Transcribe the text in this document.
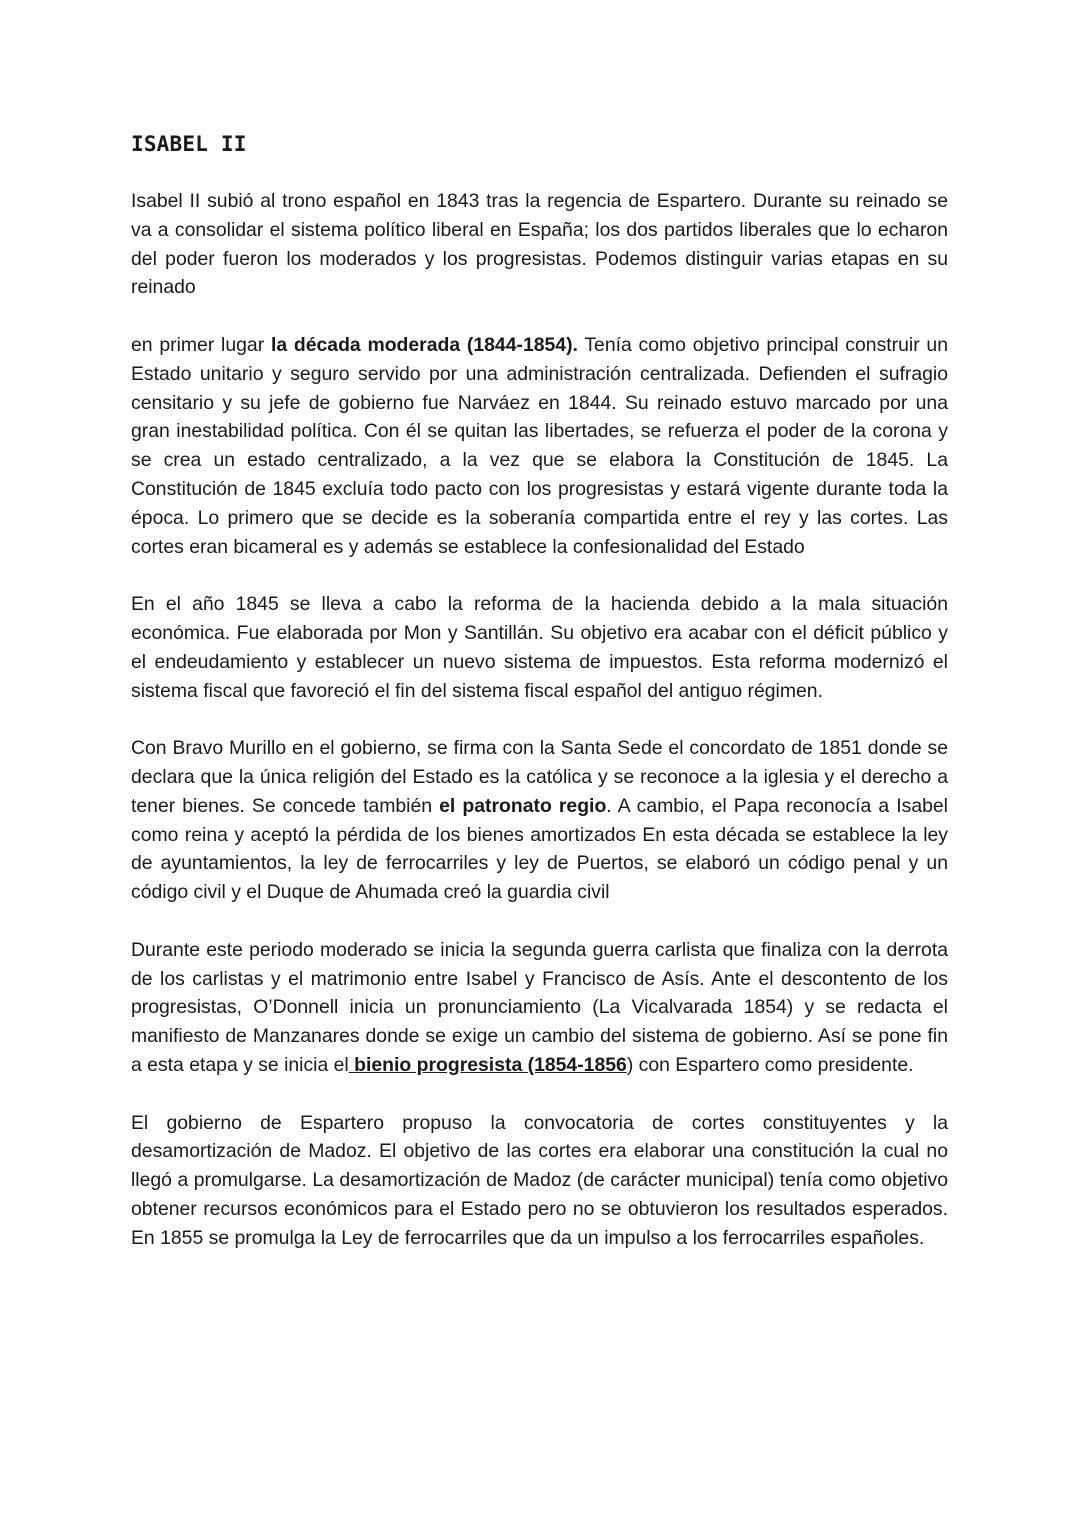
ISABEL II

Isabel II subió al trono español en 1843 tras la regencia de Espartero. Durante su reinado se va a consolidar el sistema político liberal en España; los dos partidos liberales que lo echaron del poder fueron los moderados y los progresistas. Podemos distinguir varias etapas en su reinado

en primer lugar la década moderada (1844-1854). Tenía como objetivo principal construir un Estado unitario y seguro servido por una administración centralizada. Defienden el sufragio censitario y su jefe de gobierno fue Narváez en 1844. Su reinado estuvo marcado por una gran inestabilidad política. Con él se quitan las libertades, se refuerza el poder de la corona y se crea un estado centralizado, a la vez que se elabora la Constitución de 1845. La Constitución de 1845 excluía todo pacto con los progresistas y estará vigente durante toda la época. Lo primero que se decide es la soberanía compartida entre el rey y las cortes. Las cortes eran bicameral es y además se establece la confesionalidad del Estado

En el año 1845 se lleva a cabo la reforma de la hacienda debido a la mala situación económica. Fue elaborada por Mon y Santillán. Su objetivo era acabar con el déficit público y el endeudamiento y establecer un nuevo sistema de impuestos. Esta reforma modernizó el sistema fiscal que favoreció el fin del sistema fiscal español del antiguo régimen.

Con Bravo Murillo en el gobierno, se firma con la Santa Sede el concordato de 1851 donde se declara que la única religión del Estado es la católica y se reconoce a la iglesia y el derecho a tener bienes. Se concede también el patronato regio. A cambio, el Papa reconocía a Isabel como reina y aceptó la pérdida de los bienes amortizados En esta década se establece la ley de ayuntamientos, la ley de ferrocarriles y ley de Puertos, se elaboró un código penal y un código civil y el Duque de Ahumada creó la guardia civil

Durante este periodo moderado se inicia la segunda guerra carlista que finaliza con la derrota de los carlistas y el matrimonio entre Isabel y Francisco de Asís. Ante el descontento de los progresistas, O’Donnell inicia un pronunciamiento (La Vicalvarada 1854) y se redacta el manifiesto de Manzanares donde se exige un cambio del sistema de gobierno. Así se pone fin a esta etapa y se inicia el bienio progresista (1854-1856) con Espartero como presidente.

El gobierno de Espartero propuso la convocatoria de cortes constituyentes y la desamortización de Madoz. El objetivo de las cortes era elaborar una constitución la cual no llegó a promulgarse. La desamortización de Madoz (de carácter municipal) tenía como objetivo obtener recursos económicos para el Estado pero no se obtuvieron los resultados esperados. En 1855 se promulga la Ley de ferrocarriles que da un impulso a los ferrocarriles españoles.
